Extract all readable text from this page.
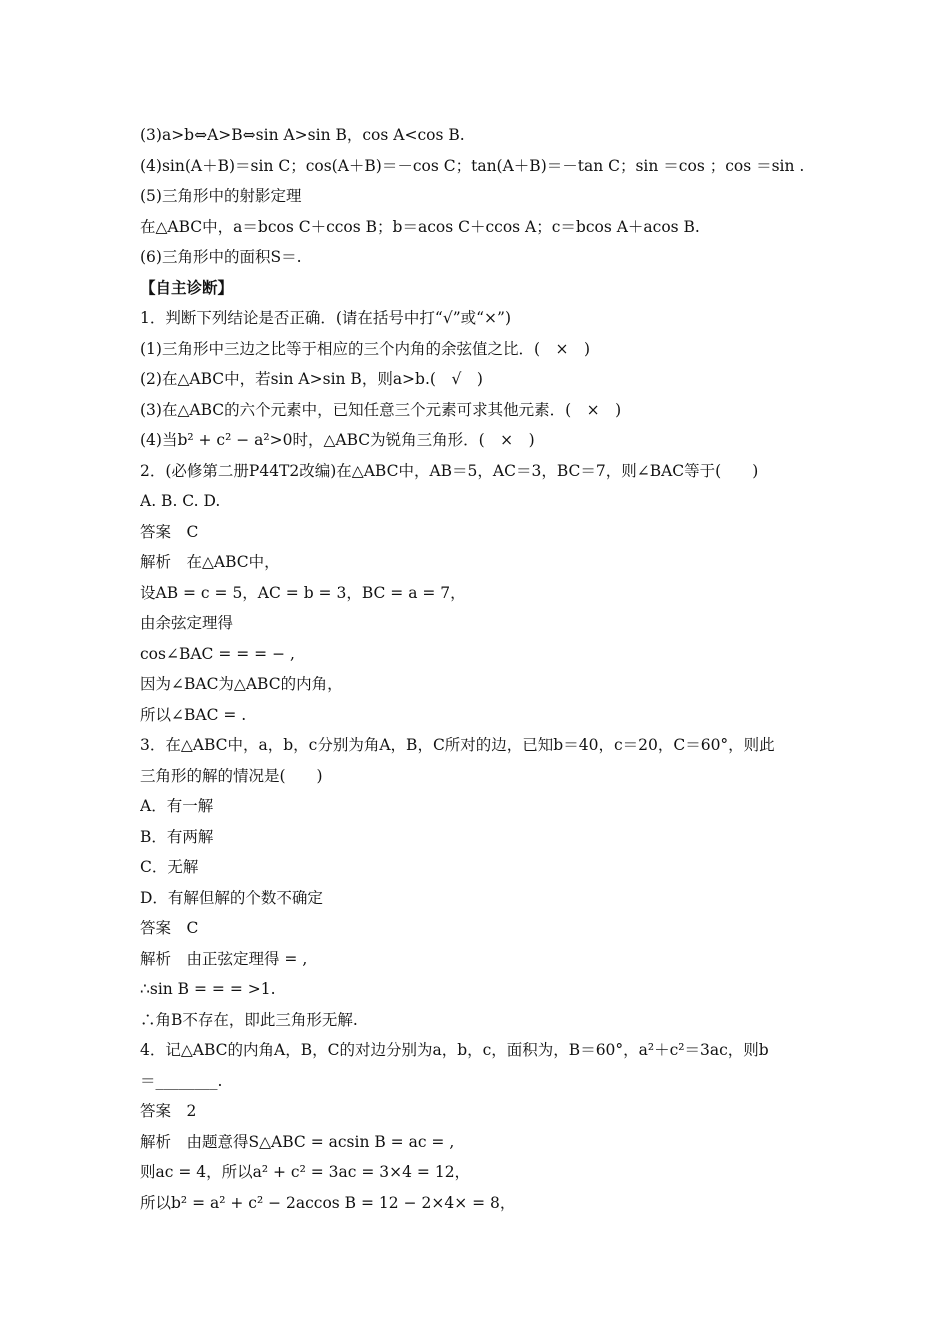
(3)a>b⇔A>B⇔sin A>sin B，cos A<cos B.
(4)sin(A＋B)＝sin C；cos(A＋B)＝－cos C；tan(A＋B)＝－tan C；sin ＝cos ；cos ＝sin .
(5)三角形中的射影定理
在△ABC中，a＝bcos C＋ccos B；b＝acos C＋ccos A；c＝bcos A＋acos B.
(6)三角形中的面积S＝.
【自主诊断】
1．判断下列结论是否正确．(请在括号中打“√”或“×”)
(1)三角形中三边之比等于相应的三个内角的余弦值之比．(　×　)
(2)在△ABC中，若sin A>sin B，则a>b.(　√　)
(3)在△ABC的六个元素中，已知任意三个元素可求其他元素．(　×　)
(4)当b² + c² − a²>0时，△ABC为锐角三角形．(　×　)
2．(必修第二册P44T2改编)在△ABC中，AB＝5，AC＝3，BC＝7，则∠BAC等于(　　)
A. B. C. D.
答案　C
解析　在△ABC中，
设AB = c = 5，AC = b = 3，BC = a = 7，
由余弦定理得
cos∠BAC = = = − ,
因为∠BAC为△ABC的内角，
所以∠BAC = .
3．在△ABC中，a，b，c分别为角A，B，C所对的边，已知b＝40，c＝20，C＝60°，则此
三角形的解的情况是(　　)
A．有一解
B．有两解
C．无解
D．有解但解的个数不确定
答案　C
解析　由正弦定理得 = ,
∴sin B = = = >1.
∴角B不存在，即此三角形无解.
4．记△ABC的内角A，B，C的对边分别为a，b，c，面积为，B＝60°，a²＋c²＝3ac，则b
＝________.
答案　2
解析　由题意得S△ABC = acsin B = ac = ,
则ac = 4，所以a² + c² = 3ac = 3×4 = 12，
所以b² = a² + c² − 2accos B = 12 − 2×4× = 8，
